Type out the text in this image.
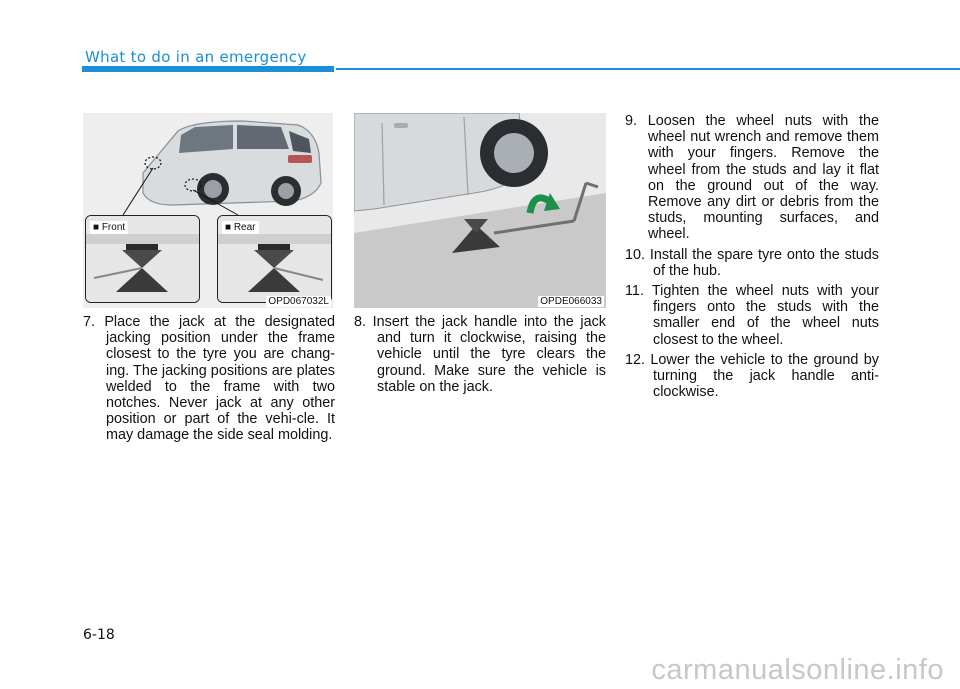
What to do in an emergency
■ Front	■ Rear
OPD067032L	OPDE066033
7. Place the jack at the designated jacking position under the frame closest to the tyre you are chang-ing. The jacking positions are plates welded to the frame with two notches. Never jack at any other position or part of the vehi-cle. It may damage the side seal molding.
8. Insert the jack handle into the jack and turn it clockwise, raising the vehicle until the tyre clears the ground. Make sure the vehicle is stable on the jack.
9. Loosen the wheel nuts with the wheel nut wrench and remove them with your fingers. Remove the wheel from the studs and lay it flat on the ground out of the way. Remove any dirt or debris from the studs, mounting surfaces, and wheel.
10. Install the spare tyre onto the studs of the hub.
11. Tighten the wheel nuts with your fingers onto the studs with the smaller end of the wheel nuts closest to the wheel.
12. Lower the vehicle to the ground by turning the jack handle anti-clockwise.
6-18
carmanualsonline.info
